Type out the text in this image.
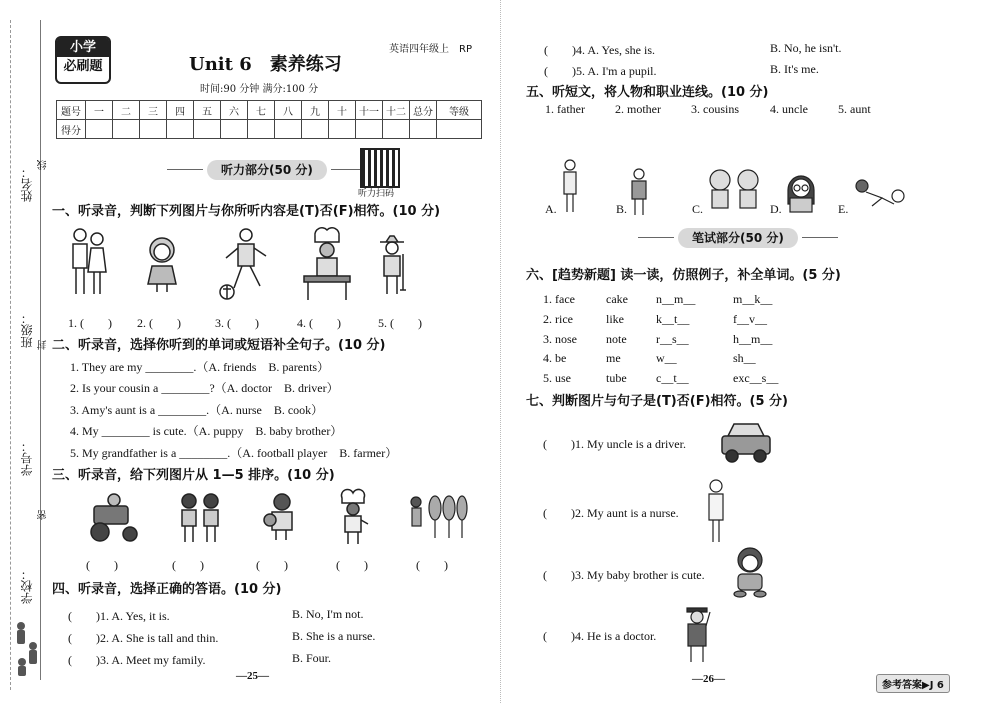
姓名：
班级：
学号：
学校：
线
封
密
小学
必刷题	Unit 6　素养练习
时间:90 分钟 满分:100 分
英语四年级上　RP
题号	一	二	三	四	五	六	七	八	九	十	十一	十二	总分	等级
得分														
听力部分(50 分)
听力扫码
一、听录音，判断下列图片与你所听内容是(T)否(F)相符。(10 分)
1. (　　) 2. (　　)	3. (　　)	4. (　　)	5. (　　)
二、听录音，选择你听到的单词或短语补全句子。(10 分)
1. They are my ________.（A. friends　B. parents）
2. Is your cousin a ________?（A. doctor　B. driver）
3. Amy's aunt is a ________.（A. nurse　B. cook）
4. My ________ is cute.（A. puppy　B. baby brother）
5. My grandfather is a ________.（A. football player　B. farmer）
三、听录音，给下列图片从 1—5 排序。(10 分)
(　　)	(　　)	(　　)	(　　)	(　　)
四、听录音，选择正确的答语。(10 分)
(　　)1. A. Yes, it is.	B. No, I'm not.
(　　)2. A. She is tall and thin.	B. She is a nurse.
(　　)3. A. Meet my family.	B. Four.
—25—
(　　)4. A. Yes, she is.	B. No, he isn't.
(　　)5. A. I'm a pupil.	B. It's me.
五、听短文，将人物和职业连线。(10 分)
1. father	2. mother	3. cousins	4. uncle	5. aunt
A.	B.	C.	D.	E.
笔试部分(50 分)
六、[趋势新题] 读一读，仿照例子，补全单词。(5 分)
1. face	cake n__m__	m__k__
2. rice	like	k__t__	f__v__
3. nose note r__s__	h__m__
4. be	me	w__	sh__
5. use	tube c__t__	exc__s__
七、判断图片与句子是(T)否(F)相符。(5 分)
(　　)1. My uncle is a driver.
(　　)2. My aunt is a nurse.
(　　)3. My baby brother is cute.
(　　)4. He is a doctor.
—26—
参考答案▶J 6
